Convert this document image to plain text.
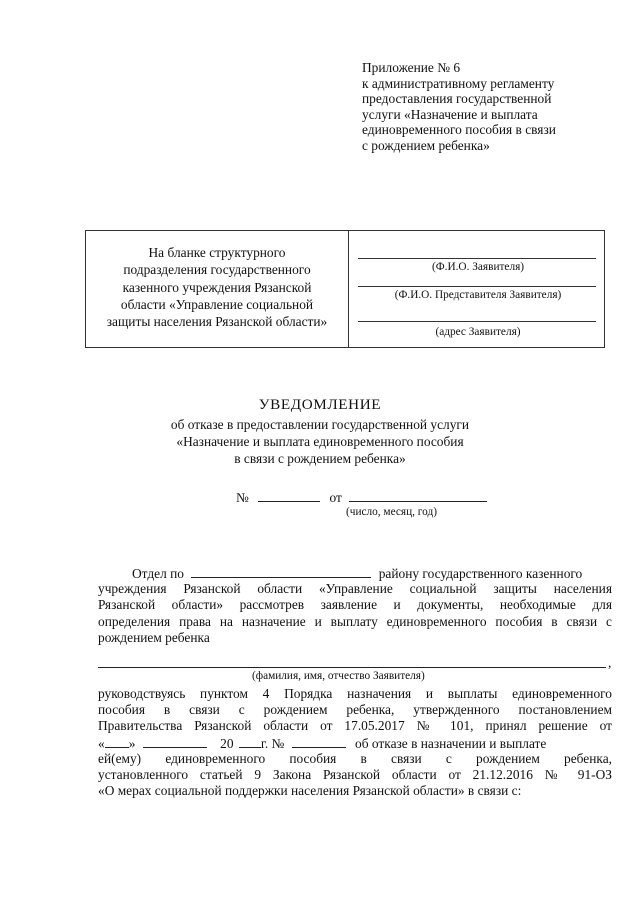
Приложение № 6
к административному регламенту
предоставления государственной
услуги «Назначение и выплата
единовременного пособия в связи
с рождением ребенка»
На бланке структурного
подразделения государственного
казенного учреждения Рязанской
области «Управление социальной
защиты населения Рязанской области»
(Ф.И.О. Заявителя)
(Ф.И.О. Представителя Заявителя)
(адрес Заявителя)
УВЕДОМЛЕНИЕ
об отказе в предоставлении государственной услуги
«Назначение и выплата единовременного пособия
в связи с рождением ребенка»
№	от
(число, месяц, год)
Отдел по	району государственного казенного
учреждения Рязанской области «Управление социальной защиты населения
Рязанской области» рассмотрев заявление и документы, необходимые для
определения права на назначение и выплату единовременного пособия в связи с
рождением ребенка
,
(фамилия, имя, отчество Заявителя)
руководствуясь пунктом 4 Порядка назначения и выплаты единовременного
пособия в связи с рождением ребенка, утвержденного постановлением
Правительства Рязанской области от 17.05.2017 № 101, принял решение от
« »	20 г. №	об отказе в назначении и выплате
ей(ему) единовременного пособия в связи с рождением ребенка,
установленного статьей 9 Закона Рязанской области от 21.12.2016 № 91-ОЗ
«О мерах социальной поддержки населения Рязанской области» в связи с:
